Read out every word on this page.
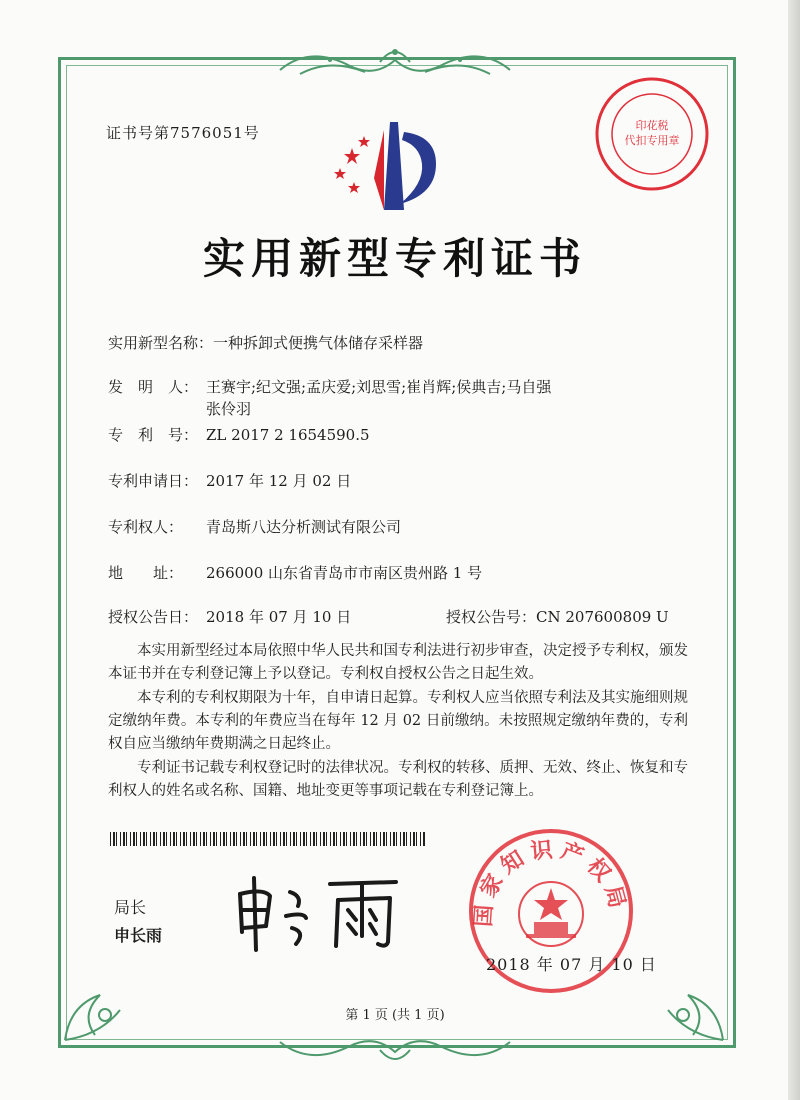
印花税
代扣专用章
证书号第7576051号
实用新型专利证书
实用新型名称：一种拆卸式便携气体储存采样器
发　明　人： 王赛宇;纪文强;孟庆爱;刘思雪;崔肖辉;侯典吉;马自强
张伶羽
专　利　号： ZL 2017 2 1654590.5
专利申请日： 2017 年 12 月 02 日
专利权人： 青岛斯八达分析测试有限公司
地　　址： 266000 山东省青岛市市南区贵州路 1 号
授权公告日： 2018 年 07 月 10 日	授权公告号：CN 207600809 U

本实用新型经过本局依照中华人民共和国专利法进行初步审查，决定授予专利权，颁发本证书并在专利登记簿上予以登记。专利权自授权公告之日起生效。

本专利的专利权期限为十年，自申请日起算。专利权人应当依照专利法及其实施细则规定缴纳年费。本专利的年费应当在每年 12 月 02 日前缴纳。未按照规定缴纳年费的，专利权自应当缴纳年费期满之日起终止。

专利证书记载专利权登记时的法律状况。专利权的转移、质押、无效、终止、恢复和专利权人的姓名或名称、国籍、地址变更等事项记载在专利登记簿上。

局长
申长雨
国家知识产权局
2018 年 07 月 10 日
第 1 页 (共 1 页)
